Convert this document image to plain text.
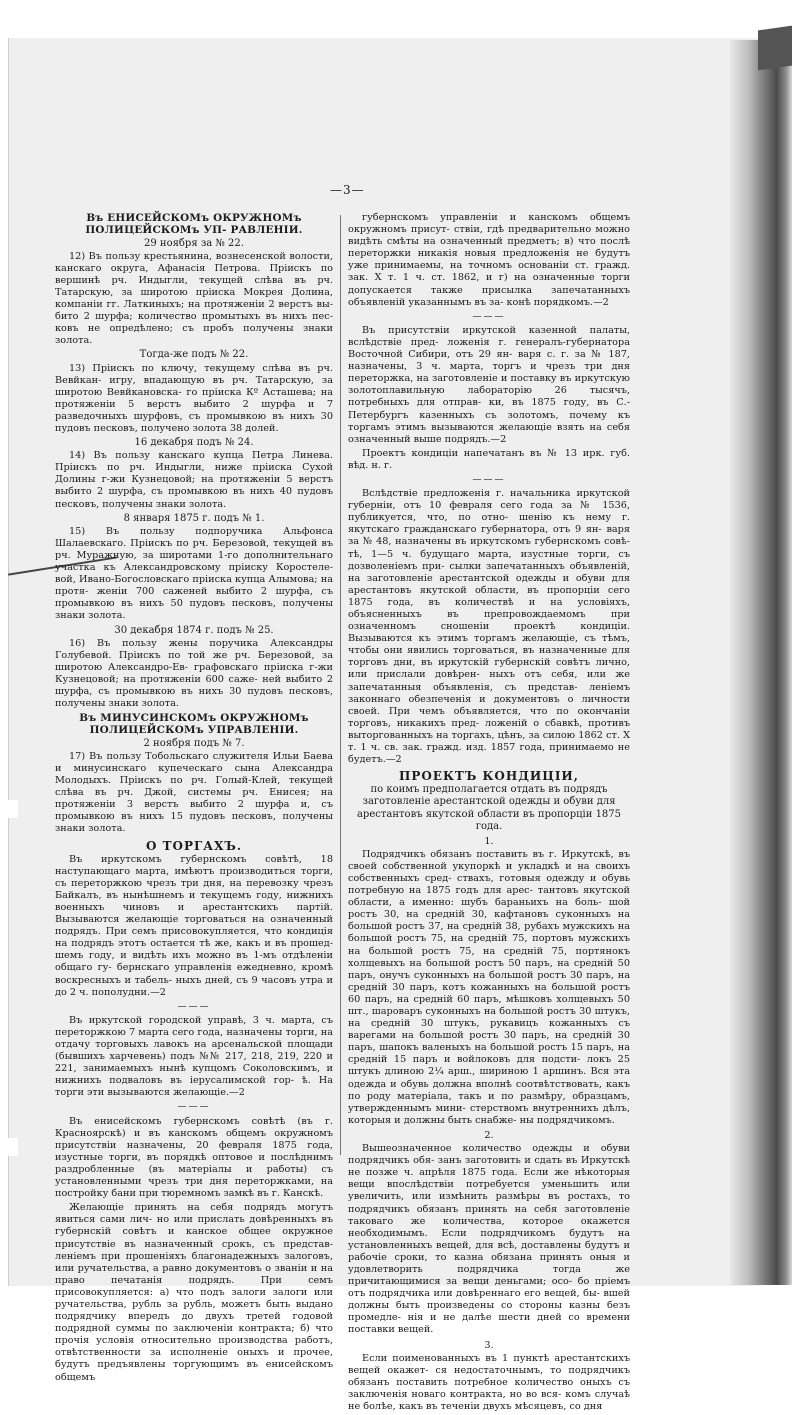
—3—
Въ ЕНИСЕЙСКОМъ ОКРУЖНОМъ ПОЛИЦЕЙСКОМъ УП- РАВЛЕНІИ.
29 ноября за № 22.
12) Въ пользу крестьянина, вознесенской волости, канскаго округа, Афанасія Петрова. Пріискъ по вершинѣ рч. Индыгли, текущей слѣва въ рч. Татарскую, за широтою пріиска Мокрея Долина, компаніи гг. Латкиныхъ; на протяженіи 2 верстъ вы- бито 2 шурфа; количество промытыхъ въ нихъ пес- ковъ не опредѣлено; съ пробъ получены знаки золота.
Тогда-же подъ № 22.
13) Пріискъ по ключу, текущему слѣва въ рч. Вевйкан- игру, впадающую въ рч. Татарскую, за широтою Вевйкановска- го пріиска Кº Асташева; на протяженіи 5 верстъ выбито 2 шурфа и 7 разведочныхъ шурфовъ, съ промывкою въ нихъ 30 пудовъ песковъ, получено золота 38 долей.
16 декабря подъ № 24.
14) Въ пользу канскаго купца Петра Линева. Пріискъ по рч. Индыгли, ниже пріиска Сухой Долины г-жи Кузнецовой; на протяженіи 5 верстъ выбито 2 шурфа, съ промывкою въ нихъ 40 пудовъ песковъ, получены знаки золота.
8 января 1875 г. подъ № 1.
15) Въ пользу подпоручика Альфонса Шалаевскаго. Пріискъ по рч. Березовой, текущей въ рч. Муражную, за широтами 1-го дополнительнаго участка къ Александровскому пріиску Коростеле- вой, Ивано-Богословскаго пріиска купца Алымова; на протя- женіи 700 саженей выбито 2 шурфа, съ промывкою въ нихъ 50 пудовъ песковъ, получены знаки золота.
30 декабря 1874 г. подъ № 25.
16) Въ пользу жены поручика Александры Голубевой. Пріискъ по той же рч. Березовой, за широтою Александро-Ев- графовскаго пріиска г-жи Кузнецовой; на протяженіи 600 саже- ней выбито 2 шурфа, съ промывкою въ нихъ 30 пудовъ песковъ, получены знаки золота.
Въ МИНУСИНСКОМъ ОКРУЖНОМъ ПОЛИЦЕЙСКОМъ УПРАВЛЕНІИ.
2 ноября подъ № 7.
17) Въ пользу Тобольскаго служителя Ильи Баева и минусинскаго купеческаго сына Александра Молодыхъ. Пріискъ по рч. Голый-Клей, текущей слѣва въ рч. Джой, системы рч. Енисея; на протяженіи 3 верстъ выбито 2 шурфа и, съ промывкою въ нихъ 15 пудовъ песковъ, получены знаки золота.
О ТОРГАХЪ.
Въ иркутскомъ губернскомъ совѣтѣ, 18 наступающаго марта, имѣютъ производиться торги, съ переторжкою чрезъ три дня, на перевозку чрезъ Байкалъ, въ нынѣшнемъ и текущемъ году, нижнихъ военныхъ чиновъ и арестантскихъ партій. Вызываются желающіе торговаться на означенный подрядъ. При семъ присовокупляется, что кондиція на подрядъ этотъ остается тѣ же, какъ и въ прошед- шемъ году, и видѣть ихъ можно въ 1-мъ отдѣленіи общаго гу- бернскаго управленія ежедневно, кромѣ воскресныхъ и табель- ныхъ дней, съ 9 часовъ утра и до 2 ч. пополудни.—2
———
Въ иркутской городской управѣ, 3 ч. марта, съ переторжкою 7 марта сего года, назначены торги, на отдачу торговыхъ лавокъ на арсенальской площади (бывшихъ харчевень) подъ №№ 217, 218, 219, 220 и 221, занимаемыхъ нынѣ купцомъ Соколовскимъ, и нижнихъ подваловъ въ іерусалимской гор- ѣ. На торги эти вызываются желающіе.—2
———
Въ енисейскомъ губернскомъ совѣтѣ (въ г. Красноярскѣ) и въ канскомъ общемъ окружномъ присутствіи назначены, 20 февраля 1875 года, изустные торги, въ порядкѣ оптовое и послѣднимъ раздробленные (въ матеріалы и работы) съ установленными чрезъ три дня переторжками, на постройку бани при тюремномъ замкѣ въ г. Канскѣ.
Желающіе принять на себя подрядъ могутъ явиться сами лич- но или прислать довѣренныхъ въ губернскій совѣтъ и канское общее окружное присутствіе въ назначенный срокъ, съ представ- леніемъ при прошеніяхъ благонадежныхъ залоговъ, или ручательства, а равно документовъ о званіи и на право печатанія подрядъ. При семъ присовокупляется: а) что подъ залоги залоги или ручательства, рубль за рубль, можетъ быть выдано подрядчику впередъ до двухъ третей годовой подрядной суммы по заключеніи контракта; б) что прочія условія относительно производства работъ, отвѣтственности за исполненіе оныхъ и прочее, будутъ предъявлены торгующимъ въ енисейскомъ общемъ
губернскомъ управленіи и канскомъ общемъ окружномъ присут- ствіи, гдѣ предварительно можно видѣть смѣты на означенный предметъ; в) что послѣ переторжки никакія новыя предложенія не будутъ уже принимаемы, на точномъ основаніи ст. гражд. зак. Х т. 1 ч. ст. 1862, и г) на означенные торги допускается также присылка запечатанныхъ объявленій указаннымъ въ за- конѣ порядкомъ.—2
———
Въ присутствіи иркутской казенной палаты, вслѣдствіе пред- ложенія г. генералъ-губернатора Восточной Сибири, отъ 29 ян- варя с. г. за № 187, назначены, 3 ч. марта, торгъ и чрезъ три дня переторжка, на заготовленіе и поставку въ иркутскую золотоплавильную лабораторію 26 тысячъ, потребныхъ для отправ- ки, въ 1875 году, въ С.-Петербургъ казенныхъ съ золотомъ, почему къ торгамъ этимъ вызываются желающіе взять на себя означенный выше подрядъ.—2
Проектъ кондиціи напечатанъ въ № 13 ирк. губ. вѣд. н. г.
———
Вслѣдствіе предложенія г. начальника иркутской губерніи, отъ 10 февраля сего года за № 1536, публикуется, что, по отно- шенію къ нему г. якутскаго гражданскаго губернатора, отъ 9 ян- варя за № 48, назначены въ иркутскомъ губернскомъ совѣ- тѣ, 1—5 ч. будущаго марта, изустные торги, съ дозволеніемъ при- сылки запечатанныхъ объявленій, на заготовленіе арестантской одежды и обуви для арестантовъ якутской области, въ пропорціи сего 1875 года, въ количествѣ и на условіяхъ, объясненныхъ въ препровождаемомъ при означенномъ сношеніи проектѣ кондиціи. Вызываются къ этимъ торгамъ желающіе, съ тѣмъ, чтобы они явились торговаться, въ назначенные для торговъ дни, въ иркутскій губернскій совѣтъ лично, или прислали довѣрен- ныхъ отъ себя, или же запечатанныя объявленія, съ представ- леніемъ законнаго обезпеченія и документовъ о личности своей. При чемъ объявляется, что по окончаніи торговъ, никакихъ пред- ложеній о сбавкѣ, противъ выторгованныхъ на торгахъ, цѣнъ, за силою 1862 ст. Х т. 1 ч. св. зак. гражд. изд. 1857 года, принимаемо не будетъ.—2
ПРОЕКТЪ КОНДИЦІИ,
по коимъ предполагается отдать въ подрядъ заготовленіе арестантской одежды и обуви для арестантовъ якутской области въ пропорціи 1875 года.
1.
Подрядчикъ обязанъ поставить въ г. Иркутскѣ, въ своей собственной укупоркѣ и укладкѣ и на своихъ собственныхъ сред- ствахъ, готовыя одежду и обувь потребную на 1875 годъ для арес- тантовъ якутской области, а именно: шубъ бараньихъ на боль- шой ростъ 30, на средній 30, кафтановъ суконныхъ на большой ростъ 37, на средній 38, рубахъ мужскихъ на большой ростъ 75, на средній 75, портовъ мужскихъ на большой ростъ 75, на средній 75, портянокъ холщевыхъ на большой ростъ 50 паръ, на средній 50 паръ, онучъ суконныхъ на большой ростъ 30 паръ, на средній 30 паръ, котъ кожанныхъ на большой ростъ 60 паръ, на средній 60 паръ, мѣшковъ холщевыхъ 50 шт., шароваръ суконныхъ на большой ростъ 30 штукъ, на средній 30 штукъ, рукавицъ кожанныхъ съ варегами на большой ростъ 30 паръ, на средній 30 паръ, шапокъ валеныхъ на большой ростъ 15 паръ, на средній 15 паръ и войлоковъ для подсти- локъ 25 штукъ длиною 2¼ арш., шириною 1 аршинъ. Вся эта одежда и обувь должна вполнѣ соотвѣтствовать, какъ по роду матеріала, такъ и по размѣру, образцамъ, утвержденнымъ мини- стерствомъ внутреннихъ дѣлъ, которыя и должны быть снабже- ны подрядчикомъ.
2.
Вышеозначенное количество одежды и обуви подрядчикъ обя- занъ заготовить и сдать въ Иркутскѣ не позже ч. апрѣля 1875 года. Если же нѣкоторыя вещи впослѣдствіи потребуется уменьшить или увеличить, или измѣнить размѣры въ ростахъ, то подрядчикъ обязанъ принять на себя заготовленіе таковаго же количества, которое окажется необходимымъ. Если подрядчикомъ будутъ на установленныхъ вещей, для всѣ, доставлены будутъ и рабочіе сроки, то казна обязана принять оныя и удовлетворить подрядчика тогда же причитающимися за вещи деньгами; осо- бо пріемъ отъ подрядчика или довѣреннаго его вещей, бы- вшей должны быть произведены со стороны казны безъ промедле- нія и не далѣе шести дней со времени поставки вещей.
3.
Если поименованныхъ въ 1 пунктѣ арестантскихъ вещей окажет- ся недостаточнымъ, то подрядчикъ обязанъ поставить потребное количество оныхъ съ заключенія новаго контракта, но во вся- комъ случаѣ не болѣе, какъ въ теченіи двухъ мѣсяцевъ, со дня
